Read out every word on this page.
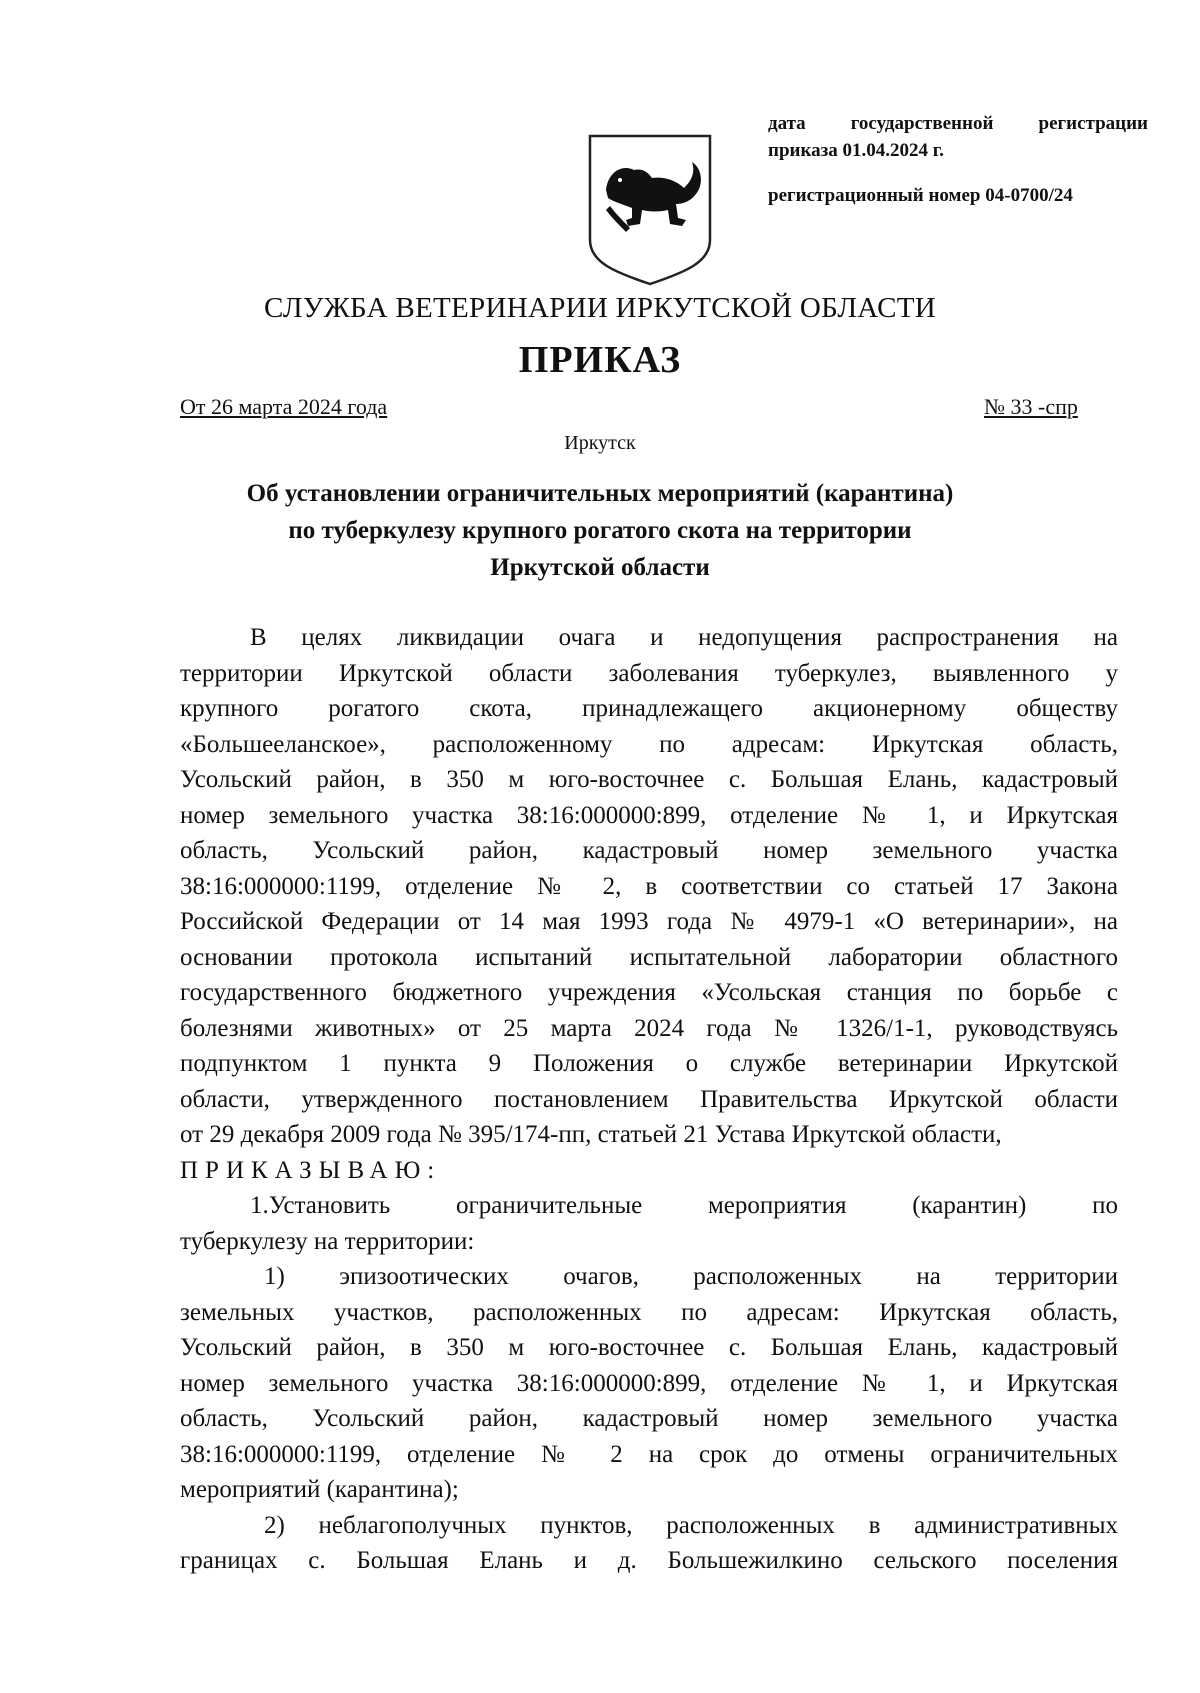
дата государственной регистрации
приказа 01.04.2024 г.
регистрационный номер 04-0700/24
СЛУЖБА ВЕТЕРИНАРИИ ИРКУТСКОЙ ОБЛАСТИ
ПРИКАЗ
От 26 марта 2024 года	№ 33 -спр
Иркутск
Об установлении ограничительных мероприятий (карантина)
по туберкулезу крупного рогатого скота на территории
Иркутской области
В целях ликвидации очага и недопущения распространения на
территории Иркутской области заболевания туберкулез, выявленного у
крупного рогатого скота, принадлежащего акционерному обществу
«Большееланское», расположенному по адресам: Иркутская область,
Усольский район, в 350 м юго-восточнее с. Большая Елань, кадастровый
номер земельного участка 38:16:000000:899, отделение № 1, и Иркутская
область, Усольский район, кадастровый номер земельного участка
38:16:000000:1199, отделение № 2, в соответствии со статьей 17 Закона
Российской Федерации от 14 мая 1993 года № 4979-1 «О ветеринарии», на
основании протокола испытаний испытательной лаборатории областного
государственного бюджетного учреждения «Усольская станция по борьбе с
болезнями животных» от 25 марта 2024 года № 1326/1-1, руководствуясь
подпунктом 1 пункта 9 Положения о службе ветеринарии Иркутской
области, утвержденного постановлением Правительства Иркутской области
от 29 декабря 2009 года № 395/174-пп, статьей 21 Устава Иркутской области,
ПРИКАЗЫВАЮ:
1.Установить ограничительные мероприятия (карантин) по
туберкулезу на территории:
1) эпизоотических очагов, расположенных на территории
земельных участков, расположенных по адресам: Иркутская область,
Усольский район, в 350 м юго-восточнее с. Большая Елань, кадастровый
номер земельного участка 38:16:000000:899, отделение № 1, и Иркутская
область, Усольский район, кадастровый номер земельного участка
38:16:000000:1199, отделение № 2 на срок до отмены ограничительных
мероприятий (карантина);
2) неблагополучных пунктов, расположенных в административных
границах с. Большая Елань и д. Большежилкино сельского поселения
